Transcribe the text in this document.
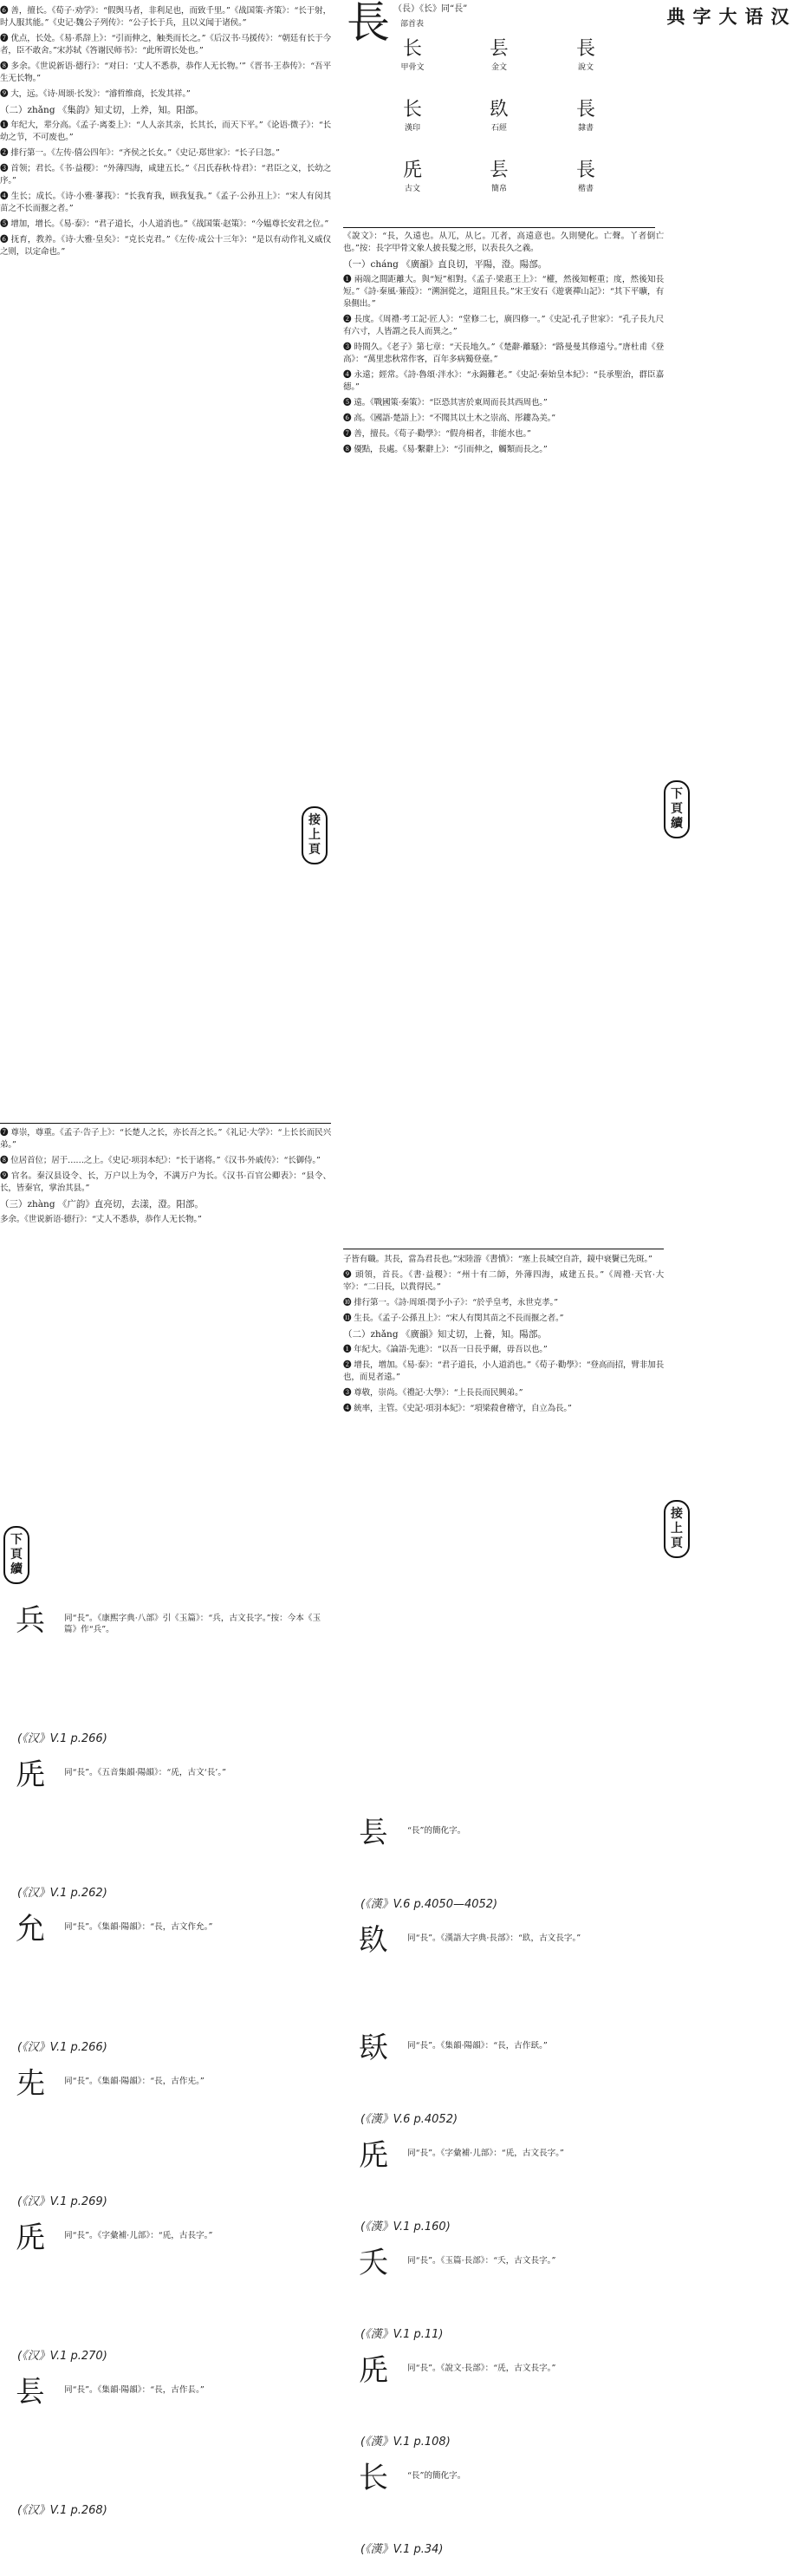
❻ 善，擅长。《荀子·劝学》：“假舆马者，非利足也，而致千里。”《战国策·齐策》：“长于射，时人服其能。”《史记·魏公子列传》：“公子长于兵，且以义闻于诸侯。”

❼ 优点，长处。《易·系辞上》：“引而伸之，触类而长之。”《后汉书·马援传》：“朝廷有长于今者，臣不敢舍。”宋苏轼《答谢民师书》：“此所谓长处也。”

❽ 多余。《世说新语·德行》：“对曰：‘丈人不悉恭，恭作人无长物。’”《晋书·王恭传》：“吾平生无长物。”

❾ 大，远。《诗·周颂·长发》：“濬哲维商，长发其祥。”

（二）zhǎng 《集韵》知丈切，上养，知。阳部。

❶ 年纪大，辈分高。《孟子·离娄上》：“人人亲其亲，长其长，而天下平。”《论语·微子》：“长幼之节，不可废也。”

❷ 排行第一。《左传·僖公四年》：“齐侯之长女。”《史记·郑世家》：“长子曰忽。”

❸ 首领；君长。《书·益稷》：“外薄四海，咸建五长。”《吕氏春秋·恃君》：“君臣之义，长幼之序。”

❹ 生长；成长。《诗·小雅·蓼莪》：“长我育我，顾我复我。”《孟子·公孙丑上》：“宋人有闵其苗之不长而揠之者。”

❺ 增加，增长。《易·泰》：“君子道长，小人道消也。”《战国策·赵策》：“今媪尊长安君之位。”

❻ 抚育，教养。《诗·大雅·皇矣》：“克长克君。”《左传·成公十三年》：“是以有动作礼义威仪之则，以定命也。”

接上頁

❼ 尊崇，尊重。《孟子·告子上》：“长楚人之长，亦长吾之长。”《礼记·大学》：“上长长而民兴弟。”

❽ 位居首位；居于……之上。《史记·项羽本纪》：“长于诸将。”《汉书·外戚传》：“长御侍。”

❾ 官名。秦汉县设令、长，万户以上为令，不满万户为长。《汉书·百官公卿表》：“县令、长，皆秦官，掌治其县。”

（三）zhàng 《广韵》直亮切，去漾，澄。阳部。

多余。《世说新语·德行》：“丈人不悉恭，恭作人无长物。”

下頁續
兵 同“長”。《康熙字典·八部》引《玉篇》：“兵，古文長字。”按：今本《玉篇》作“兵”。
(《汉》V.1 p.266)
兏 同“長”。《五音集韻·陽韻》：“兏，古文‘長’。”
(《汉》V.1 p.262)
允 同“長”。《集韻·陽韻》：“長，古文作允。”
(《汉》V.1 p.266)
兂 同“長”。《集韻·陽韻》：“長，古作兂。”
(《汉》V.1 p.269)
兏 同“長”。《字彙補·儿部》：“兏，古長字。”
(《汉》V.1 p.270)
镸 同“長”。《集韻·陽韻》：“長，古作镸。”
(《汉》V.1 p.268)
長 （長）《长》同“長”
部首表	汉语大字典
长
甲骨文
镸
金文
長
說文
长
漢印
镹
石經
長
隸書
兏
古文
镸
簡帛
長
楷書

《說文》：“長，久遠也。从兀，从匕。兀者，高遠意也。久則變化。亡聲。丫者倒亡也。”按：長字甲骨文象人披長髮之形，以表長久之義。

（一）cháng 《廣韻》直良切，平陽，澄。陽部。

❶ 兩端之間距離大。與“短”相對。《孟子·梁惠王上》：“權，然後知輕重；度，然後知長短。”《詩·秦風·蒹葭》：“溯洄從之，道阻且長。”宋王安石《遊褒禪山記》：“其下平曠，有泉側出。”

❷ 長度。《周禮·考工記·匠人》：“堂修二七，廣四修一。”《史記·孔子世家》：“孔子長九尺有六寸，人皆謂之長人而異之。”

❸ 時間久。《老子》第七章：“天長地久。”《楚辭·離騷》：“路曼曼其修遠兮。”唐杜甫《登高》：“萬里悲秋常作客，百年多病獨登臺。”

❹ 永遠；經常。《詩·魯頌·泮水》：“永錫難老。”《史記·秦始皇本紀》：“長承聖治，群臣嘉德。”

❺ 遠。《戰國策·秦策》：“臣恐其害於東周而長其西周也。”

❻ 高。《國語·楚語上》：“不聞其以土木之崇高、彤鏤為美。”

❼ 善，擅長。《荀子·勸學》：“假舟楫者，非能水也。”

❽ 優點，長處。《易·繫辭上》：“引而伸之，觸類而長之。”

下頁續

子皆有職。其長，當為君長也。”宋陸游《書憤》：“塞上長城空自許，鏡中衰鬢已先斑。”

❾ 頭領，首長。《書·益稷》：“州十有二師，外薄四海，咸建五長。”《周禮·天官·大宰》：“二曰長，以貴得民。”

❿ 排行第一。《詩·周頌·閔予小子》：“於乎皇考，永世克孝。”

⓫ 生長。《孟子·公孫丑上》：“宋人有閔其苗之不長而揠之者。”

（二）zhǎng 《廣韻》知丈切，上養，知。陽部。

❶ 年紀大。《論語·先進》：“以吾一日長乎爾，毋吾以也。”

❷ 增長，增加。《易·泰》：“君子道長，小人道消也。”《荀子·勸學》：“登高而招，臂非加長也，而見者遠。”

❸ 尊敬，崇尚。《禮記·大學》：“上長長而民興弟。”

❹ 統率，主管。《史記·項羽本紀》：“項梁殺會稽守，自立為長。”

接上頁
镸 “長”的簡化字。
(《漢》V.6 p.4050—4052)
镹 同“長”。《漢語大字典·長部》：“镹，古文長字。”
镺 同“長”。《集韻·陽韻》：“長，古作镺。”
(《漢》V.6 p.4052)
兏 同“長”。《字彙補·儿部》：“兏，古文長字。”
(《漢》V.1 p.160)
夭 同“長”。《玉篇·長部》：“夭，古文長字。”
(《漢》V.1 p.11)
兏 同“長”。《說文·長部》：“兏，古文長字。”
(《漢》V.1 p.108)
长 “長”的簡化字。
(《漢》V.1 p.34)
